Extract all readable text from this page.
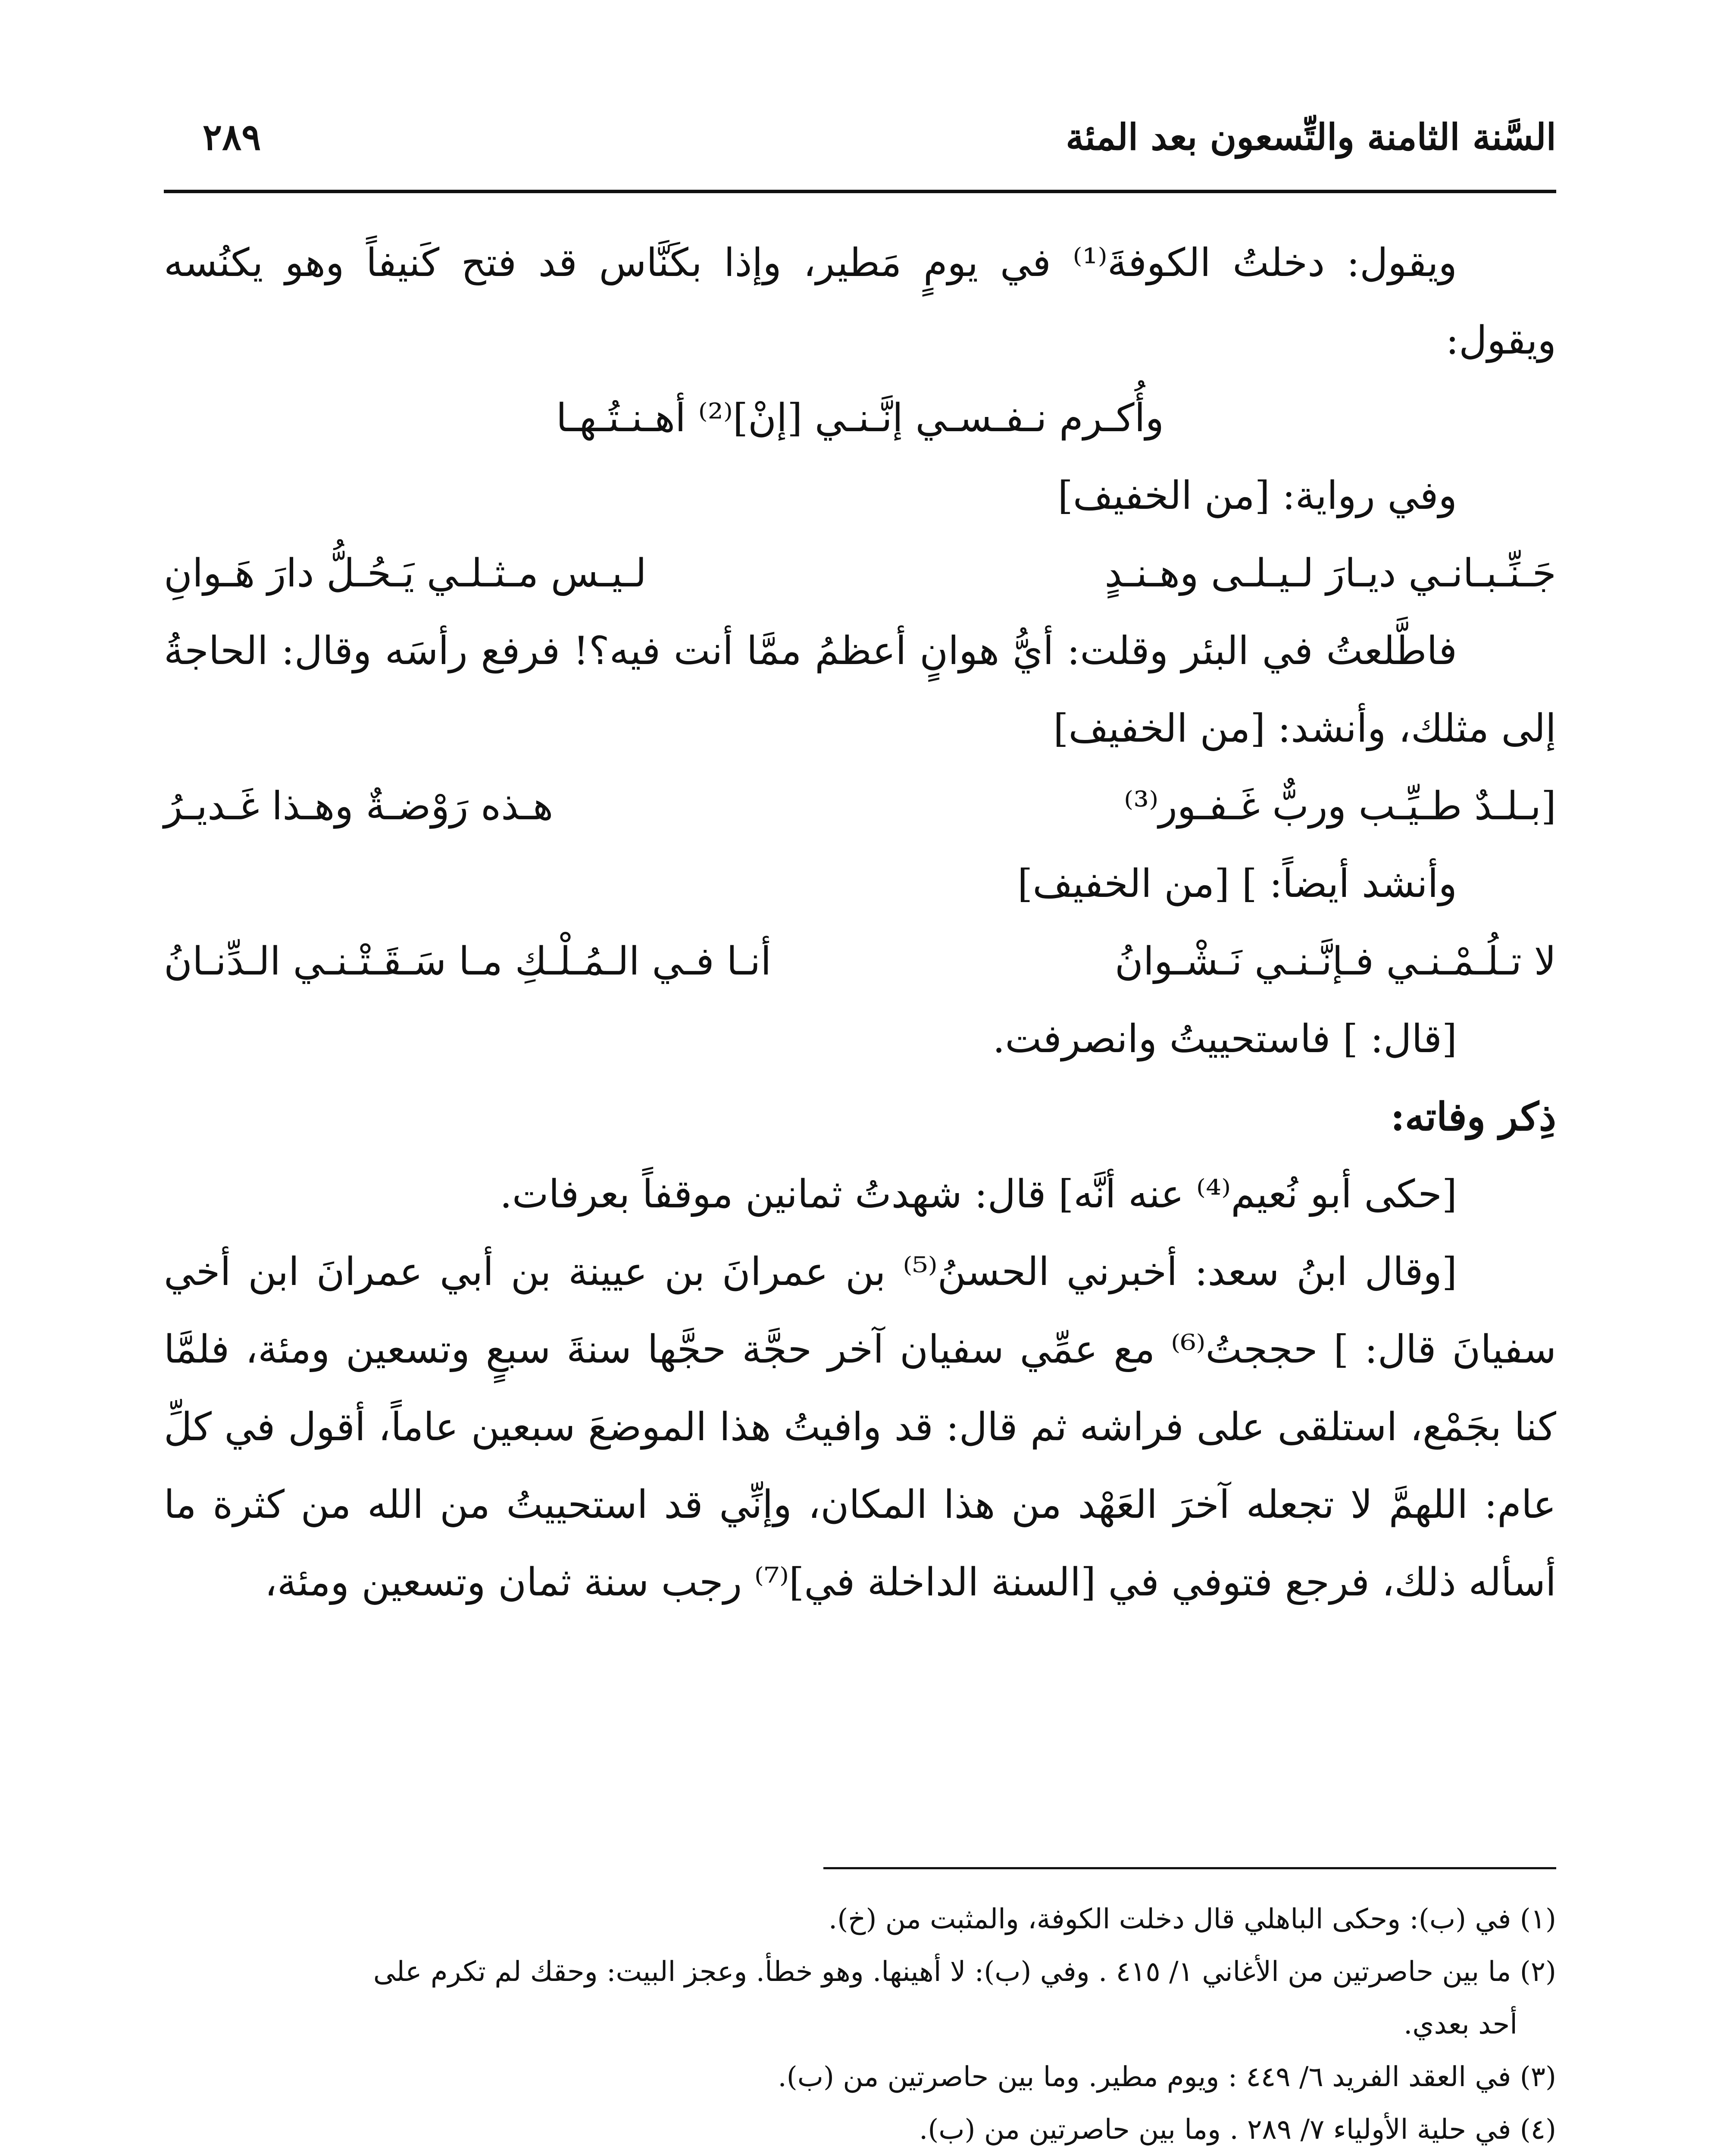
السَّنة الثامنة والتِّسعون بعد المئة
٢٨٩

ويقول: دخلتُ الكوفةَ⁽¹⁾ في يومٍ مَطير، وإذا بكَنَّاس قد فتح كَنيفاً وهو يكنُسه ويقول:

وأُكـرم نـفـسـي إنَّـنـي [إنْ]⁽²⁾ أهـنـتُـهـا

وفي رواية: [من الخفيف]

جَـنِّـبـانـي ديـارَ لـيـلـى وهـنـدٍ
لـيـس مـثـلـي يَـحُـلُّ دارَ هَـوانِ

فاطَّلعتُ في البئر وقلت: أيُّ هوانٍ أعظمُ ممَّا أنت فيه؟! فرفع رأسَه وقال: الحاجةُ إلى مثلك، وأنشد: [من الخفيف]

[بـلـدٌ طـيِّـب وربٌّ غَـفـور⁽³⁾
هـذه رَوْضـةٌ وهـذا غَـديـرُ

وأنشد أيضاً: ] [من الخفيف]

لا تـلُـمْـنـي فـإنَّـنـي نَـشْـوانُ
أنـا فـي الـمُـلْـكِ مـا سَـقَـتْـنـي الـدِّنـانُ

[قال: ] فاستحييتُ وانصرفت.

ذِكر وفاته:

[حكى أبو نُعيم⁽⁴⁾ عنه أنَّه] قال: شهدتُ ثمانين موقفاً بعرفات.

[وقال ابنُ سعد: أخبرني الحسنُ⁽⁵⁾ بن عمرانَ بن عيينة بن أبي عمرانَ ابن أخي سفيانَ قال: ] حججتُ⁽⁶⁾ مع عمِّي سفيان آخر حجَّة حجَّها سنةَ سبعٍ وتسعين ومئة، فلمَّا كنا بجَمْع، استلقى على فراشه ثم قال: قد وافيتُ هذا الموضعَ سبعين عاماً، أقول في كلِّ عام: اللهمَّ لا تجعله آخرَ العَهْد من هذا المكان، وإنِّي قد استحييتُ من الله من كثرة ما أسأله ذلك، فرجع فتوفي في [السنة الداخلة في]⁽⁷⁾ رجب سنة ثمان وتسعين ومئة،

(١) في (ب): وحكى الباهلي قال دخلت الكوفة، والمثبت من (خ).

(٢) ما بين حاصرتين من الأغاني ١/ ٤١٥ . وفي (ب): لا أهينها. وهو خطأ. وعجز البيت: وحقك لم تكرم على

أحد بعدي.

(٣) في العقد الفريد ٦/ ٤٤٩ : ويوم مطير. وما بين حاصرتين من (ب).

(٤) في حلية الأولياء ٧/ ٢٨٩ . وما بين حاصرتين من (ب).
